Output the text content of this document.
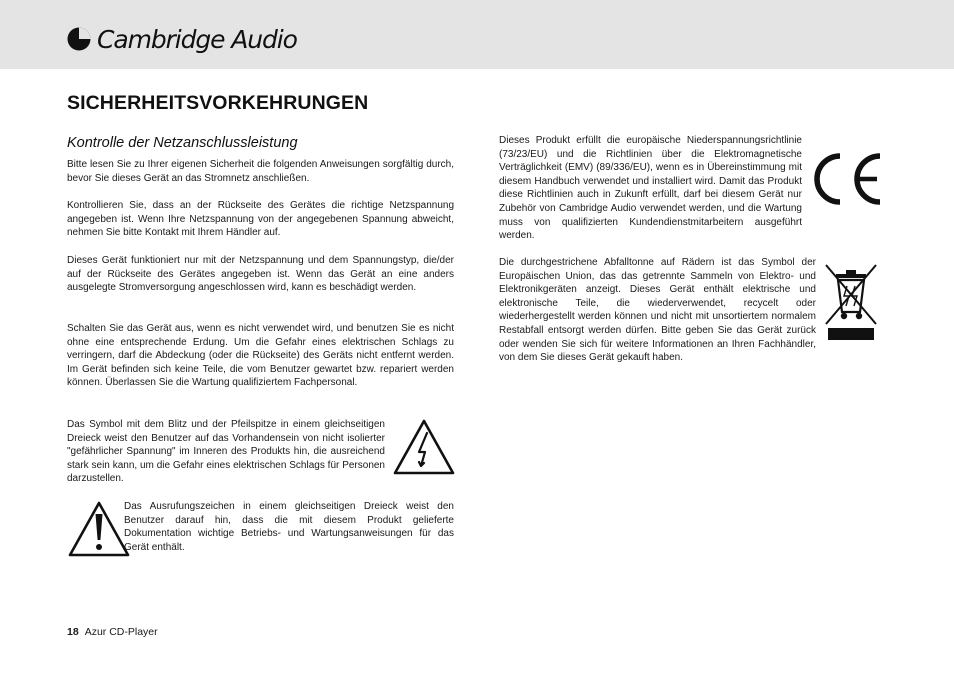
Cambridge Audio
SICHERHEITSVORKEHRUNGEN
Kontrolle der Netzanschlussleistung

Bitte lesen Sie zu Ihrer eigenen Sicherheit die folgenden Anweisungen sorgfältig durch, bevor Sie dieses Gerät an das Stromnetz anschließen.

Kontrollieren Sie, dass an der Rückseite des Gerätes die richtige Netzspannung angegeben ist. Wenn Ihre Netzspannung von der angegebenen Spannung abweicht, nehmen Sie bitte Kontakt mit Ihrem Händler auf.

Dieses Gerät funktioniert nur mit der Netzspannung und dem Spannungstyp, die/der auf der Rückseite des Gerätes angegeben ist. Wenn das Gerät an eine anders ausgelegte Stromversorgung angeschlossen wird, kann es beschädigt werden.

Schalten Sie das Gerät aus, wenn es nicht verwendet wird, und benutzen Sie es nicht ohne eine entsprechende Erdung. Um die Gefahr eines elektrischen Schlags zu verringern, darf die Abdeckung (oder die Rückseite) des Geräts nicht entfernt werden. Im Gerät befinden sich keine Teile, die vom Benutzer gewartet bzw. repariert werden können. Überlassen Sie die Wartung qualifiziertem Fachpersonal.

Das Symbol mit dem Blitz und der Pfeilspitze in einem gleichseitigen Dreieck weist den Benutzer auf das Vorhandensein von nicht isolierter "gefährlicher Spannung" im Inneren des Produkts hin, die ausreichend stark sein kann, um die Gefahr eines elektrischen Schlags für Personen darzustellen.

Das Ausrufungszeichen in einem gleichseitigen Dreieck weist den Benutzer darauf hin, dass die mit diesem Produkt gelieferte Dokumentation wichtige Betriebs- und Wartungsanweisungen für das Gerät enthält.

Dieses Produkt erfüllt die europäische Niederspannungsrichtlinie (73/23/EU) und die Richtlinien über die Elektromagnetische Verträglichkeit (EMV) (89/336/EU), wenn es in Übereinstimmung mit diesem Handbuch verwendet und installiert wird. Damit das Produkt diese Richtlinien auch in Zukunft erfüllt, darf bei diesem Gerät nur Zubehör von Cambridge Audio verwendet werden, und die Wartung muss von qualifizierten Kundendienstmitarbeitern ausgeführt werden.

Die durchgestrichene Abfalltonne auf Rädern ist das Symbol der Europäischen Union, das das getrennte Sammeln von Elektro- und Elektronikgeräten anzeigt. Dieses Gerät enthält elektrische und elektronische Teile, die wiederverwendet, recycelt oder wiederhergestellt werden können und nicht mit unsortiertem normalem Restabfall entsorgt werden dürfen. Bitte geben Sie das Gerät zurück oder wenden Sie sich für weitere Informationen an Ihren Fachhändler, von dem Sie dieses Gerät gekauft haben.

18 Azur CD-Player
